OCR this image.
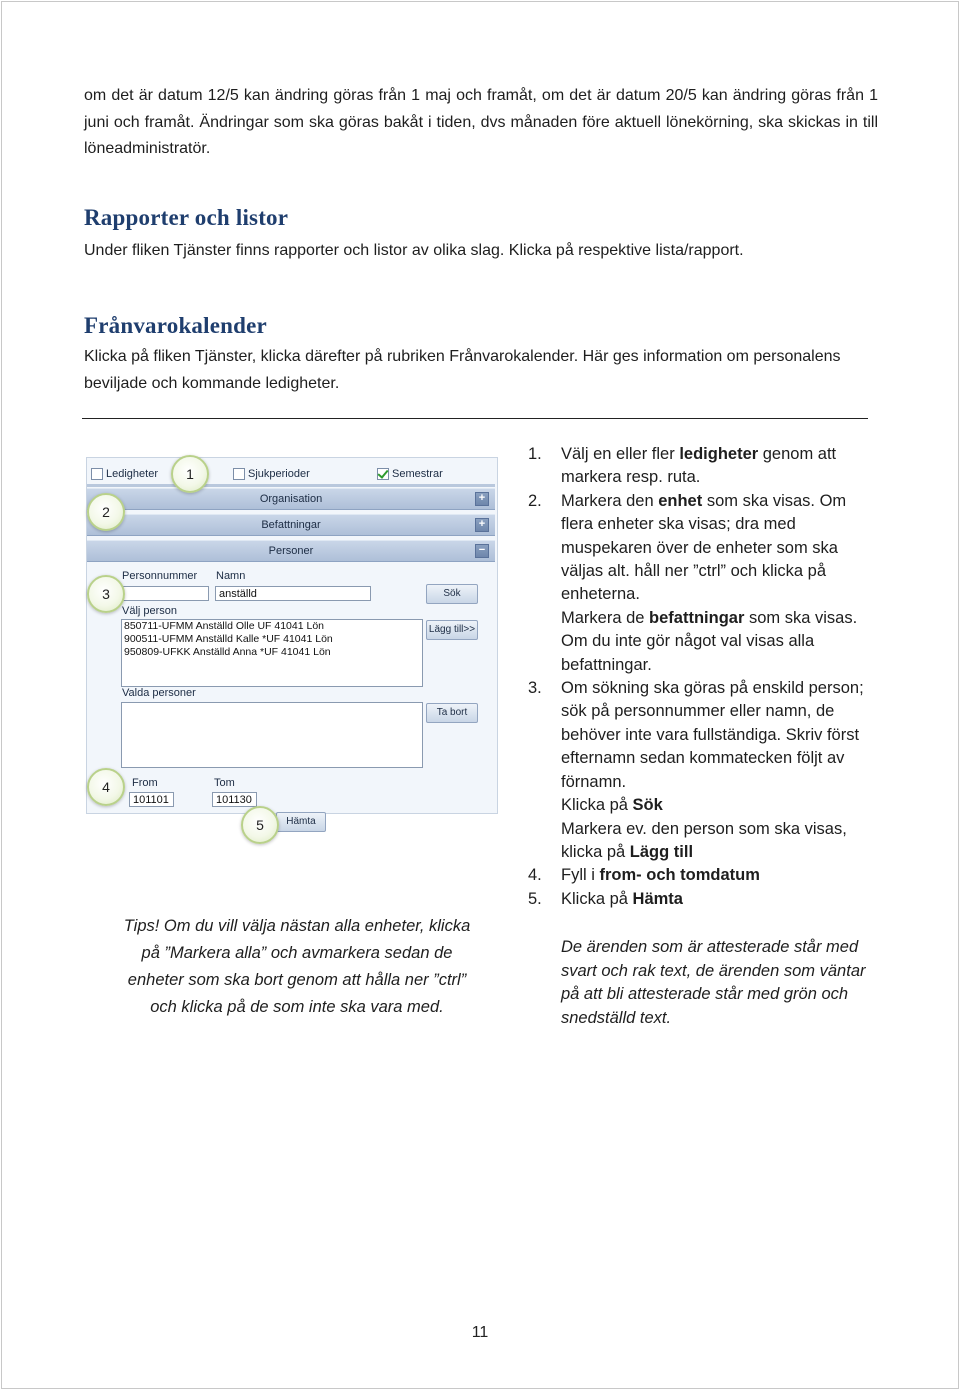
om det är datum 12/5 kan ändring göras från 1 maj och framåt, om det är datum 20/5 kan ändring göras från 1 juni och framåt. Ändringar som ska göras bakåt i tiden, dvs månaden före aktuell lönekörning, ska skickas in till löneadministratör.
Rapporter och listor
Under fliken Tjänster finns rapporter och listor av olika slag. Klicka på respektive lista/rapport.
Frånvarokalender
Klicka på fliken Tjänster, klicka därefter på rubriken Frånvarokalender. Här ges information om personalens beviljade och kommande ledigheter.
Ledigheter	Sjukperioder	Semestrar
Organisation	+
Befattningar	+
Personer	−
Personnummer Namn
anställd	Sök
Välj person
850711-UFMM Anställd Olle UF 41041 Lön
900511-UFMM Anställd Kalle *UF 41041 Lön
950809-UFKK Anställd Anna *UF 41041 Lön
Lägg till>>
Valda personer
Ta bort
From
101101
Tom
101130
Hämta
1
2
3
4
5
Tips! Om du vill välja nästan alla enheter, klicka på ”Markera alla” och avmarkera sedan de enheter som ska bort genom att hålla ner ”ctrl” och klicka på de som inte ska vara med.
1. Välj en eller fler ledigheter genom att markera resp. ruta.
2. Markera den enhet som ska visas. Om flera enheter ska visas; dra med muspekaren över de enheter som ska väljas alt. håll ner ”ctrl” och klicka på enheterna.
Markera de befattningar som ska visas. Om du inte gör något val visas alla befattningar.
3. Om sökning ska göras på enskild person; sök på personnummer eller namn, de behöver inte vara fullständiga. Skriv först efternamn sedan kommatecken följt av förnamn.
Klicka på Sök
Markera ev. den person som ska visas, klicka på Lägg till
4. Fyll i from- och tomdatum
5. Klicka på Hämta
De ärenden som är attesterade står med svart och rak text, de ärenden som väntar på att bli attesterade står med grön och snedställd text.
11
